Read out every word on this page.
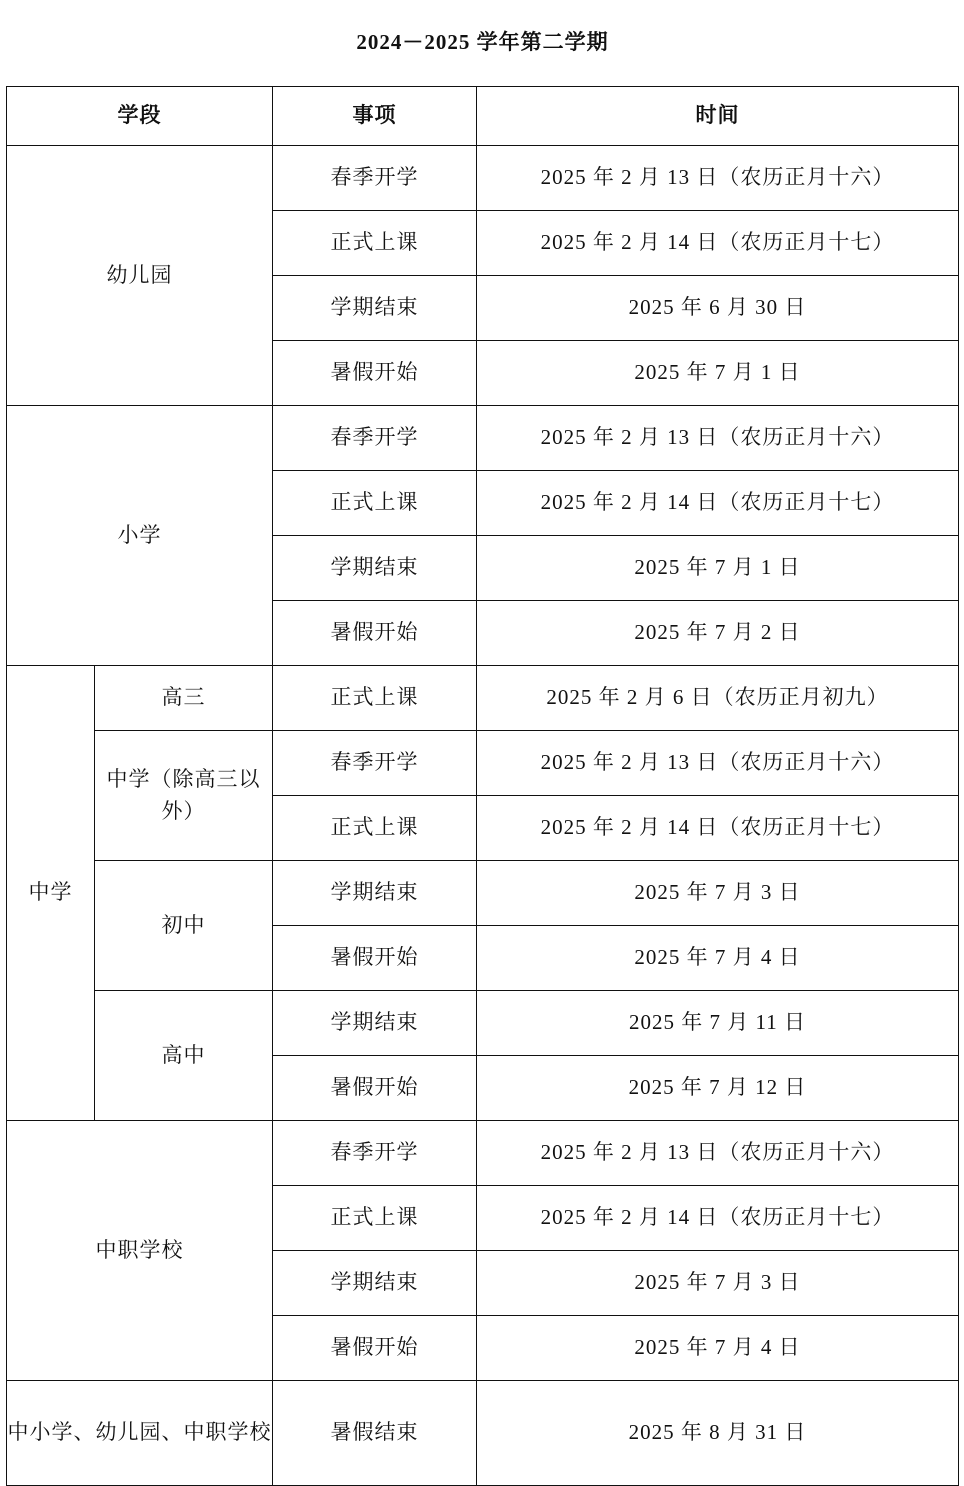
2024－2025 学年第二学期			
学段		事项	时间
幼儿园		春季开学	2025 年 2 月 13 日（农历正月十六）
		正式上课	2025 年 2 月 14 日（农历正月十七）
		学期结束	2025 年 6 月 30 日
		暑假开始	2025 年 7 月 1 日
小学		春季开学	2025 年 2 月 13 日（农历正月十六）
		正式上课	2025 年 2 月 14 日（农历正月十七）
		学期结束	2025 年 7 月 1 日
		暑假开始	2025 年 7 月 2 日
中学	高三	正式上课	2025 年 2 月 6 日（农历正月初九）
	中学（除高三以外）	春季开学	2025 年 2 月 13 日（农历正月十六）
		正式上课	2025 年 2 月 14 日（农历正月十七）
	初中	学期结束	2025 年 7 月 3 日
		暑假开始	2025 年 7 月 4 日
	高中	学期结束	2025 年 7 月 11 日
		暑假开始	2025 年 7 月 12 日
中职学校		春季开学	2025 年 2 月 13 日（农历正月十六）
		正式上课	2025 年 2 月 14 日（农历正月十七）
		学期结束	2025 年 7 月 3 日
		暑假开始	2025 年 7 月 4 日
中小学、幼儿园、中职学校		暑假结束	2025 年 8 月 31 日
